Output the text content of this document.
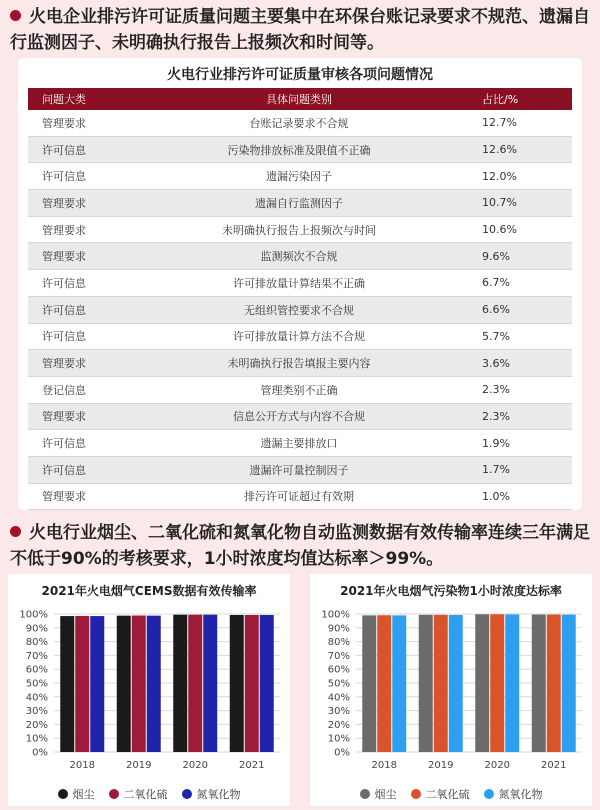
火电企业排污许可证质量问题主要集中在环保台账记录要求不规范、遗漏自行监测因子、未明确执行报告上报频次和时间等。
火电行业排污许可证质量审核各项问题情况
问题大类	具体问题类别	占比/%
管理要求	台账记录要求不合规	12.7%
许可信息	污染物排放标准及限值不正确	12.6%
许可信息	遗漏污染因子	12.0%
管理要求	遗漏自行监测因子	10.7%
管理要求	未明确执行报告上报频次与时间	10.6%
管理要求	监测频次不合规	9.6%
许可信息	许可排放量计算结果不正确	6.7%
许可信息	无组织管控要求不合规	6.6%
许可信息	许可排放量计算方法不合规	5.7%
管理要求	未明确执行报告填报主要内容	3.6%
登记信息	管理类别不正确	2.3%
管理要求	信息公开方式与内容不合规	2.3%
许可信息	遗漏主要排放口	1.9%
许可信息	遗漏许可量控制因子	1.7%
管理要求	排污许可证超过有效期	1.0%
火电行业烟尘、二氧化硫和氮氧化物自动监测数据有效传输率连续三年满足不低于90%的考核要求，1小时浓度均值达标率＞99%。
2021年火电烟气CEMS数据有效传输率
0%
10%
20%
30%
40%
50%
60%
70%
80%
90%
100%
2018	2019	2020	2021
烟尘	二氧化硫	氮氧化物
2021年火电烟气污染物1小时浓度达标率
0%
10%
20%
30%
40%
50%
60%
70%
80%
90%
100%
2018	2019	2020	2021
烟尘	二氧化硫	氮氧化物
